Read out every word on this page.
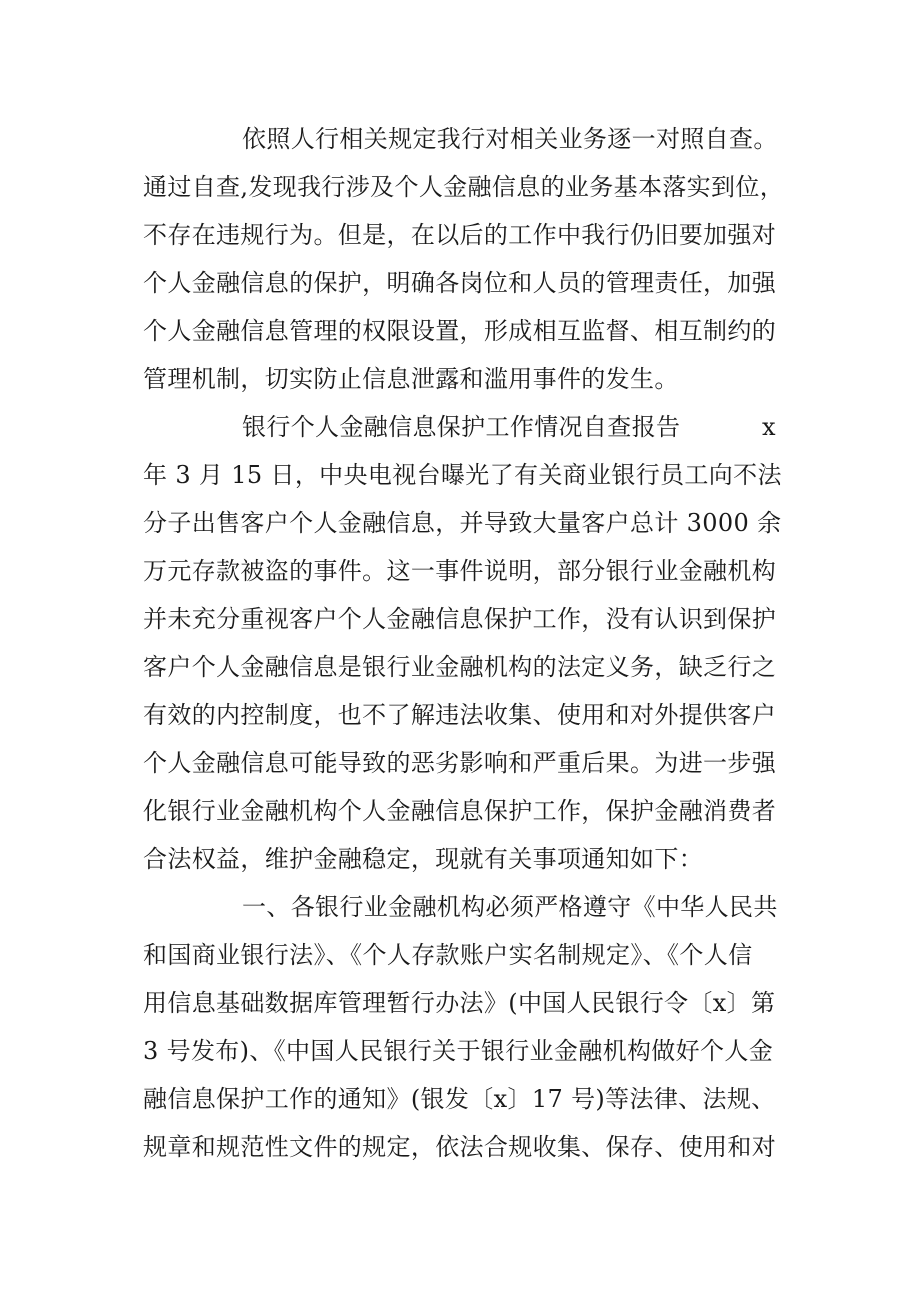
依照人行相关规定我行对相关业务逐一对照自查。
通过自查,发现我行涉及个人金融信息的业务基本落实到位，
不存在违规行为。但是，在以后的工作中我行仍旧要加强对
个人金融信息的保护，明确各岗位和人员的管理责任，加强
个人金融信息管理的权限设置，形成相互监督、相互制约的
管理机制，切实防止信息泄露和滥用事件的发生。
银行个人金融信息保护工作情况自查报告	x
年 3 月 15 日，中央电视台曝光了有关商业银行员工向不法
分子出售客户个人金融信息，并导致大量客户总计 3000 余
万元存款被盗的事件。这一事件说明，部分银行业金融机构
并未充分重视客户个人金融信息保护工作，没有认识到保护
客户个人金融信息是银行业金融机构的法定义务，缺乏行之
有效的内控制度，也不了解违法收集、使用和对外提供客户
个人金融信息可能导致的恶劣影响和严重后果。为进一步强
化银行业金融机构个人金融信息保护工作，保护金融消费者
合法权益，维护金融稳定，现就有关事项通知如下：
一、各银行业金融机构必须严格遵守《中华人民共
和国商业银行法》、《个人存款账户实名制规定》、《个人信
用信息基础数据库管理暂行办法》(中国人民银行令〔x〕第
3 号发布)、《中国人民银行关于银行业金融机构做好个人金
融信息保护工作的通知》(银发〔x〕17 号)等法律、法规、
规章和规范性文件的规定，依法合规收集、保存、使用和对
